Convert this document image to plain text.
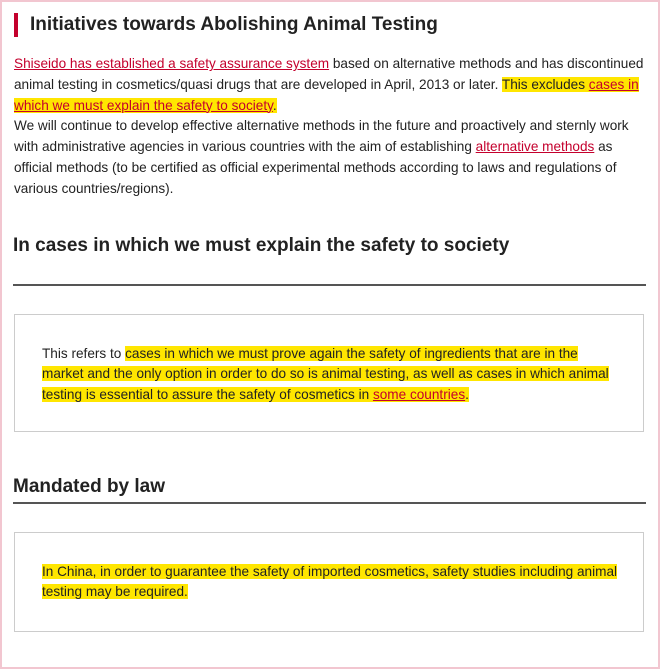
Initiatives towards Abolishing Animal Testing
Shiseido has established a safety assurance system based on alternative methods and has discontinued animal testing in cosmetics/quasi drugs that are developed in April, 2013 or later. This excludes cases in which we must explain the safety to society.
We will continue to develop effective alternative methods in the future and proactively and sternly work with administrative agencies in various countries with the aim of establishing alternative methods as official methods (to be certified as official experimental methods according to laws and regulations of various countries/regions).
In cases in which we must explain the safety to society
This refers to cases in which we must prove again the safety of ingredients that are in the market and the only option in order to do so is animal testing, as well as cases in which animal testing is essential to assure the safety of cosmetics in some countries.
Mandated by law
In China, in order to guarantee the safety of imported cosmetics, safety studies including animal testing may be required.
